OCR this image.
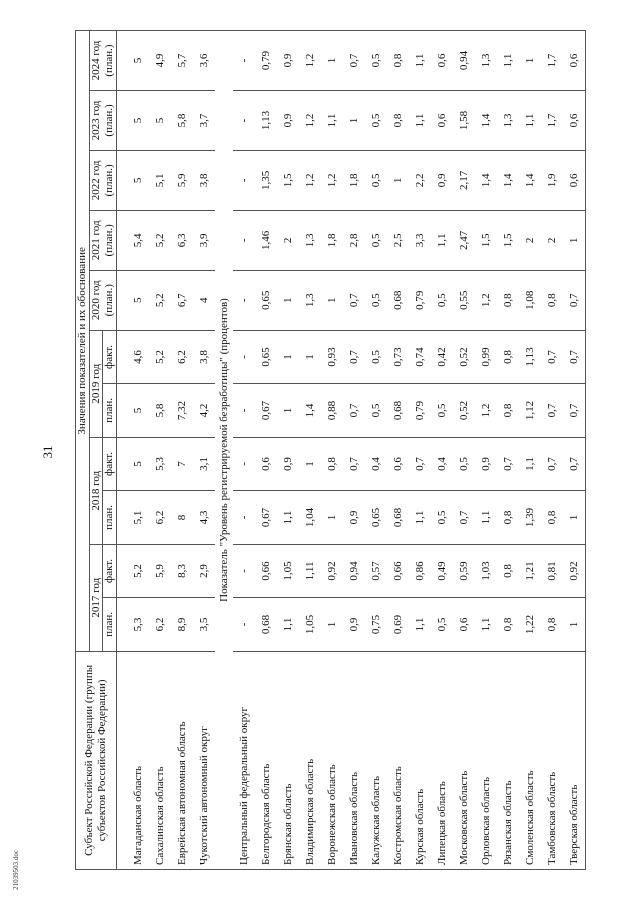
31
21039503.doc
Субъект Российской Федерации (группы субъектов Российской Федерации)	Значения показателей и их обоснование										
	2017 год		2018 год		2019 год		2020 год (план.)	2021 год (план.)	2022 год (план.)	2023 год (план.)	2024 год (план.)
	план.	факт.	план.	факт.	план.	факт.					

Магаданская область	5,3	5,2	5,1	5	5	4,6	5	5,4	5	5	5
Сахалинская область	6,2	5,9	6,2	5,3	5,8	5,2	5,2	5,2	5,1	5	4,9
Еврейская автономная область	8,9	8,3	8	7	7,32	6,2	6,7	6,3	5,9	5,8	5,7
Чукотский автономный округ	3,5	2,9	4,3	3,1	4,2	3,8	4	3,9	3,8	3,7	3,6
Показатель "Уровень регистрируемой безработицы" (процентов)											
Центральный федеральный округ	-	-	-	-	-	-	-	-	-	-	-
Белгородская область	0,68	0,66	0,67	0,6	0,67	0,65	0,65	1,46	1,35	1,13	0,79
Брянская область	1,1	1,05	1,1	0,9	1	1	1	2	1,5	0,9	0,9
Владимирская область	1,05	1,11	1,04	1	1,4	1	1,3	1,3	1,2	1,2	1,2
Воронежская область	1	0,92	1	0,8	0,88	0,93	1	1,8	1,2	1,1	1
Ивановская область	0,9	0,94	0,9	0,7	0,7	0,7	0,7	2,8	1,8	1	0,7
Калужская область	0,75	0,57	0,65	0,4	0,5	0,5	0,5	0,5	0,5	0,5	0,5
Костромская область	0,69	0,66	0,68	0,6	0,68	0,73	0,68	2,5	1	0,8	0,8
Курская область	1,1	0,86	1,1	0,7	0,79	0,74	0,79	3,3	2,2	1,1	1,1
Липецкая область	0,5	0,49	0,5	0,4	0,5	0,42	0,5	1,1	0,9	0,6	0,6
Московская область	0,6	0,59	0,7	0,5	0,52	0,52	0,55	2,47	2,17	1,58	0,94
Орловская область	1,1	1,03	1,1	0,9	1,2	0,99	1,2	1,5	1,4	1,4	1,3
Рязанская область	0,8	0,8	0,8	0,7	0,8	0,8	0,8	1,5	1,4	1,3	1,1
Смоленская область	1,22	1,21	1,39	1,1	1,12	1,13	1,08	2	1,4	1,1	1
Тамбовская область	0,8	0,81	0,8	0,7	0,7	0,7	0,8	2	1,9	1,7	1,7
Тверская область	1	0,92	1	0,7	0,7	0,7	0,7	1	0,6	0,6	0,6
